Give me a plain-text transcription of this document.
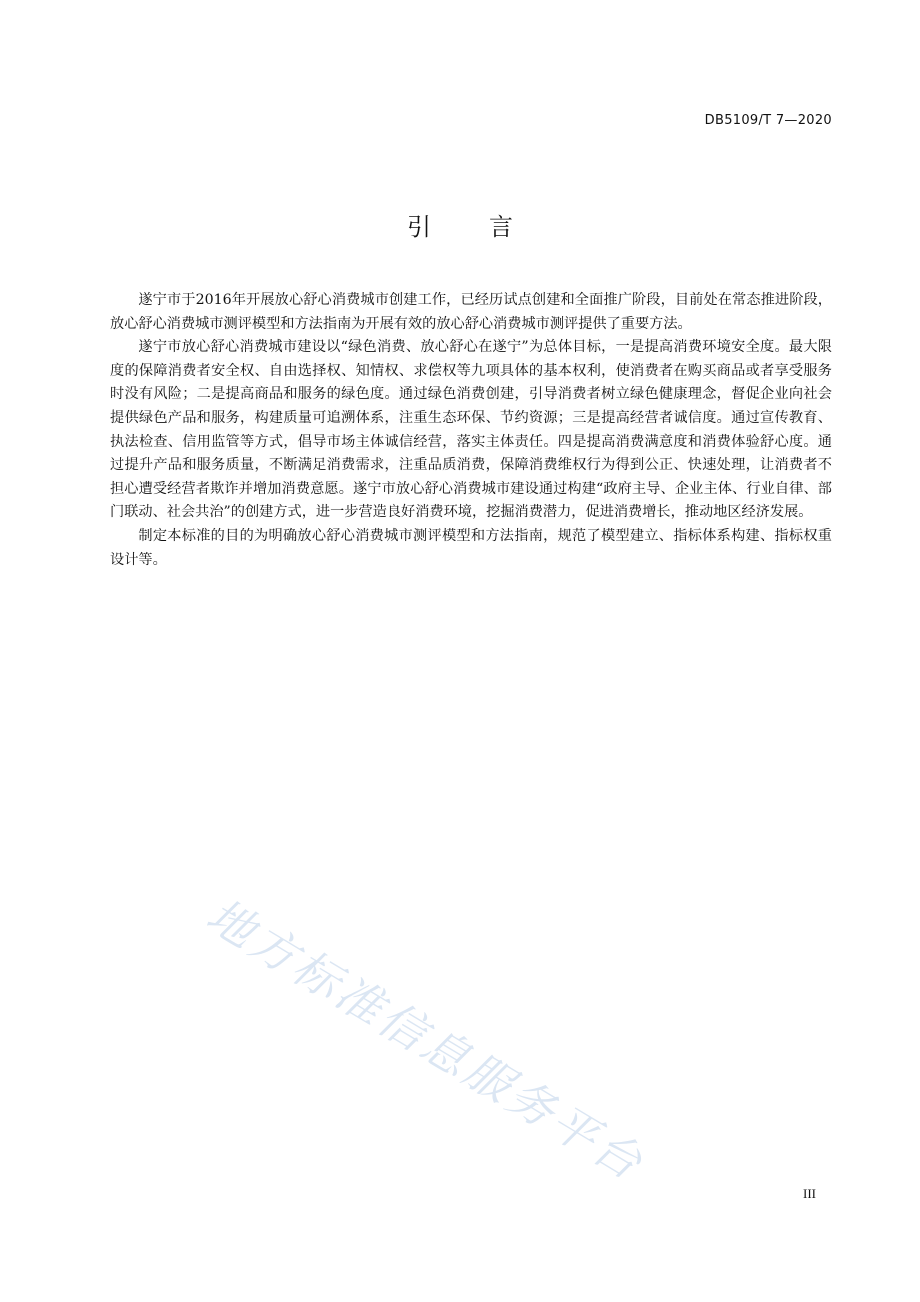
DB5109/T 7—2020
引言

遂宁市于2016年开展放心舒心消费城市创建工作，已经历试点创建和全面推广阶段，目前处在常态推进阶段，放心舒心消费城市测评模型和方法指南为开展有效的放心舒心消费城市测评提供了重要方法。

遂宁市放心舒心消费城市建设以“绿色消费、放心舒心在遂宁”为总体目标，一是提高消费环境安全度。最大限度的保障消费者安全权、自由选择权、知情权、求偿权等九项具体的基本权利，使消费者在购买商品或者享受服务时没有风险；二是提高商品和服务的绿色度。通过绿色消费创建，引导消费者树立绿色健康理念，督促企业向社会提供绿色产品和服务，构建质量可追溯体系，注重生态环保、节约资源；三是提高经营者诚信度。通过宣传教育、执法检查、信用监管等方式，倡导市场主体诚信经营，落实主体责任。四是提高消费满意度和消费体验舒心度。通过提升产品和服务质量，不断满足消费需求，注重品质消费，保障消费维权行为得到公正、快速处理，让消费者不担心遭受经营者欺诈并增加消费意愿。遂宁市放心舒心消费城市建设通过构建“政府主导、企业主体、行业自律、部门联动、社会共治”的创建方式，进一步营造良好消费环境，挖掘消费潜力，促进消费增长，推动地区经济发展。

制定本标准的目的为明确放心舒心消费城市测评模型和方法指南，规范了模型建立、指标体系构建、指标权重设计等。

地方标准信息服务平台
III
